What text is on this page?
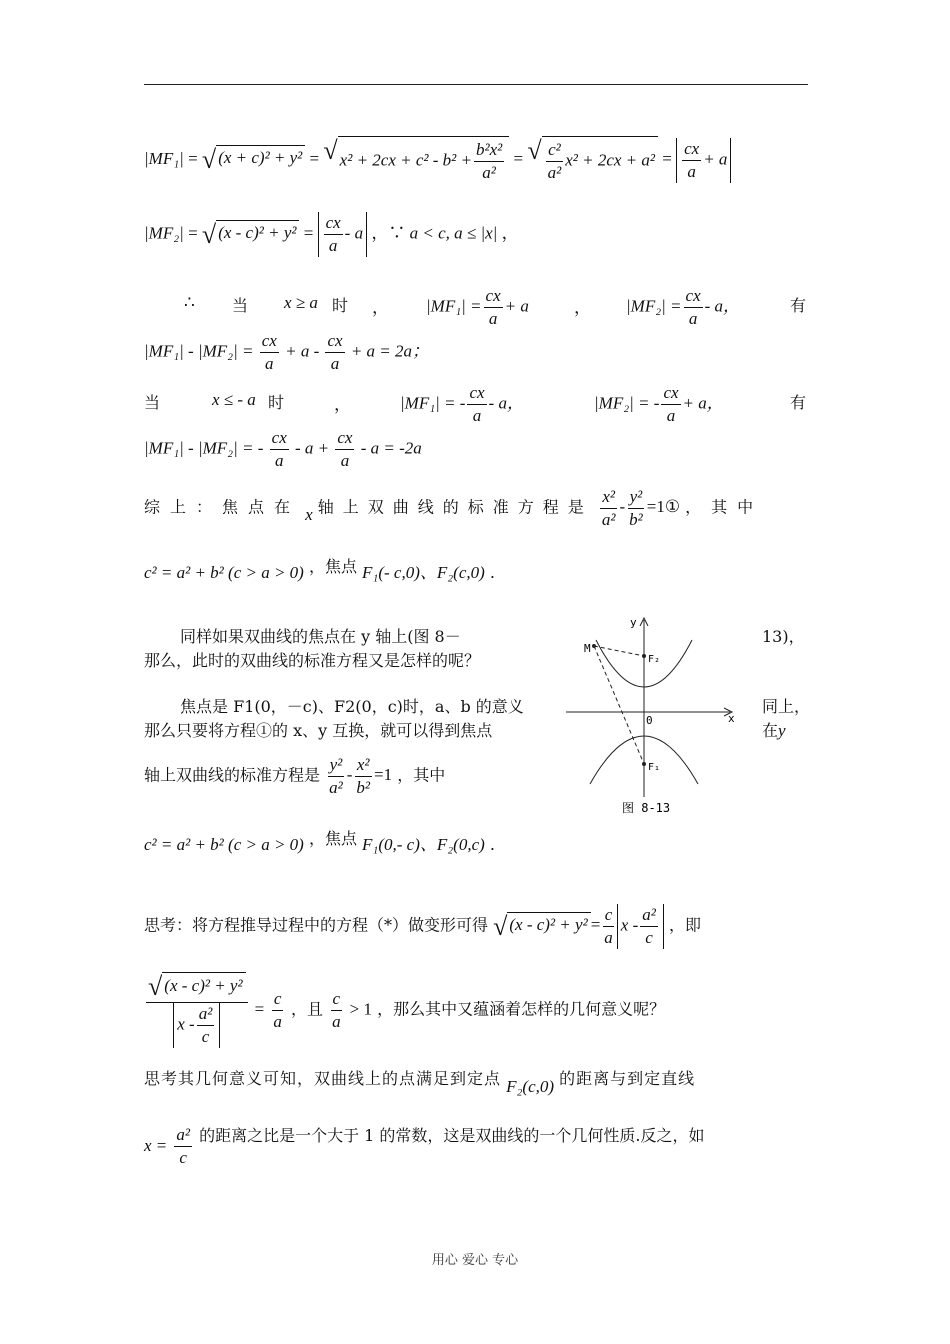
|MF₁| = √ (x + c)² + y² = √ $x^2 + 2cx + c^2 - b^2 + \frac{\text{b²x²}}{\text{a²}}$ = √ $\frac{\text{c²}}{\text{a²}} x^2 + 2cx + a^2 = \frac{cx}{a} + a$
|MF₂| = √ $(x - c)^2 + y^2 = \frac{cx}{a} - a$ ，∵ a < c, a ≤ |x| ，
∴ 当 x ≥ a 时 ， $|MF_1| = \frac{cx}{a} + a$	， $|MF_2| = \frac{cx}{a} - a$，	有
$|MF_1| - |MF_2| = \frac{cx}{a} + a - \frac{cx}{a} + a = 2a$；
当	x ≤ - a 时	，	|MF₁| = - $\frac{cx}{a}$ - a，	|MF₂| = - $\frac{cx}{a} + a$，	有
|MF₁| - |MF₂| = - $\frac{cx}{a} - a + \frac{cx}{a} - a = -2a$
综上：焦点在 x 轴上双曲线的标准方程是 $\frac{\text{x²}}{\text{a²}} - \frac{\text{y²}}{\text{b²}}$ =1① ，其中
c² = a² + b² (c > a > 0) ，焦点 F₁(- c,0)、F₂(c,0) .
同样如果双曲线的焦点在 y 轴上(图 8－	13)，
那么，此时的双曲线的标准方程又是怎样的呢？
焦点是 F1(0，－c)、F2(0，c)时，a、b 的意义	同上，
那么只要将方程①的 x、y 互换，就可以得到焦点	在y
轴上双曲线的标准方程是 $\frac{\text{y²}}{\text{a²}} - \frac{\text{x²}}{\text{b²}} =1$ ，其中
c² = a² + b² (c > a > 0) ，焦点 F₁(0,- c)、F₂(0,c) .
y
x
0
M
F₂
F₁
图 8-13
思考：将方程推导过程中的方程（*）做变形可得 √ $(x - c)^2 + y^2 = \frac{c}{a}$ x - $\frac{\text{a²}}{c}$ ，即
$\frac{\text{√ (x - c)² + y²}}{x - \frac{\text{a²}}{c}} = \frac{c}{a}$ ，且 $\frac{c}{a} > 1$ ，那么其中又蕴涵着怎样的几何意义呢？
思考其几何意义可知，双曲线上的点满足到定点 F₂(c,0) 的距离与到定直线
$x = \frac{\text{a²}}{c}$ 的距离之比是一个大于 1 的常数，这是双曲线的一个几何性质.反之，如
用心 爱心 专心
